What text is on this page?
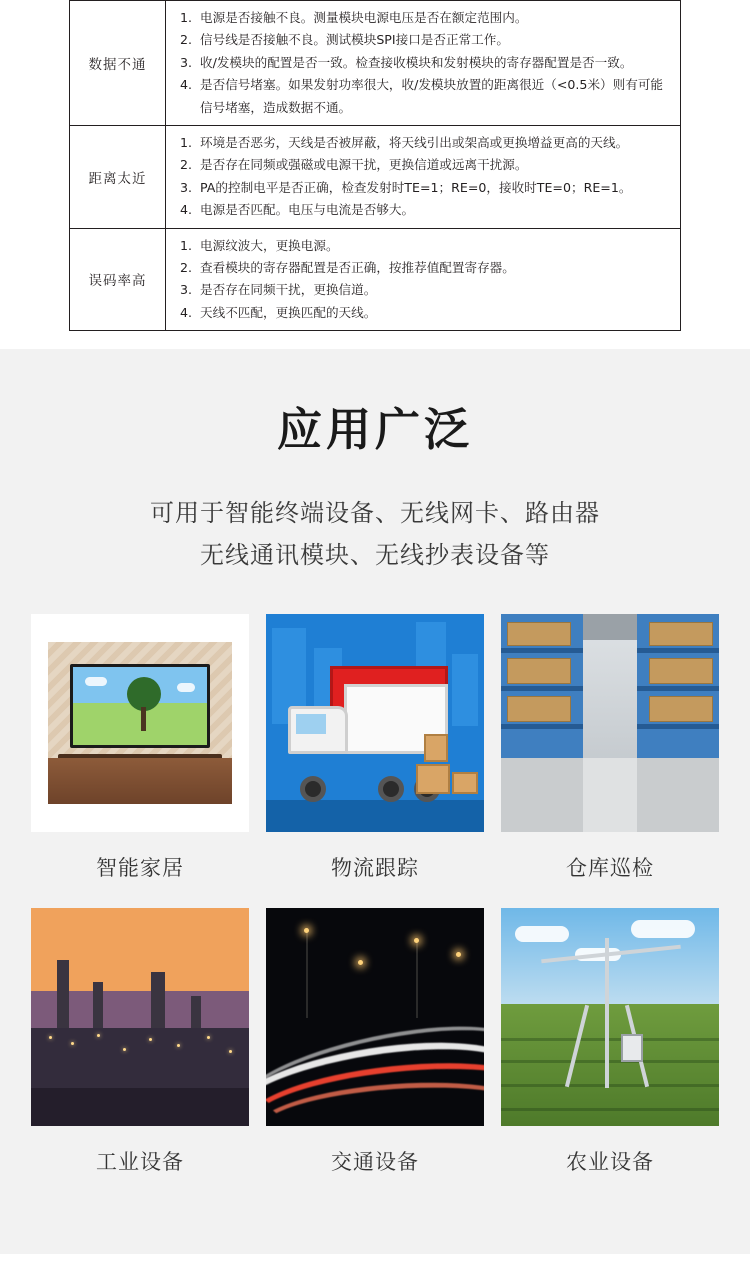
数据不通	
1. 电源是否接触不良。测量模块电源电压是否在额定范围内。
2. 信号线是否接触不良。测试模块SPI接口是否正常工作。
3. 收/发模块的配置是否一致。检查接收模块和发射模块的寄存器配置是否一致。
4. 是否信号堵塞。如果发射功率很大，收/发模块放置的距离很近（<0.5米）则有可能信号堵塞，造成数据不通。

距离太近	
1. 环境是否恶劣，天线是否被屏蔽，将天线引出或架高或更换增益更高的天线。
2. 是否存在同频或强磁或电源干扰，更换信道或远离干扰源。
3. PA的控制电平是否正确，检查发射时TE=1；RE=0，接收时TE=0；RE=1。
4. 电源是否匹配。电压与电流是否够大。

误码率高	
1. 电源纹波大，更换电源。
2. 查看模块的寄存器配置是否正确，按推荐值配置寄存器。
3. 是否存在同频干扰，更换信道。
4. 天线不匹配，更换匹配的天线。
应用广泛

可用于智能终端设备、无线网卡、路由器

无线通讯模块、无线抄表设备等

智能家居	物流跟踪	仓库巡检
工业设备	交通设备	农业设备
